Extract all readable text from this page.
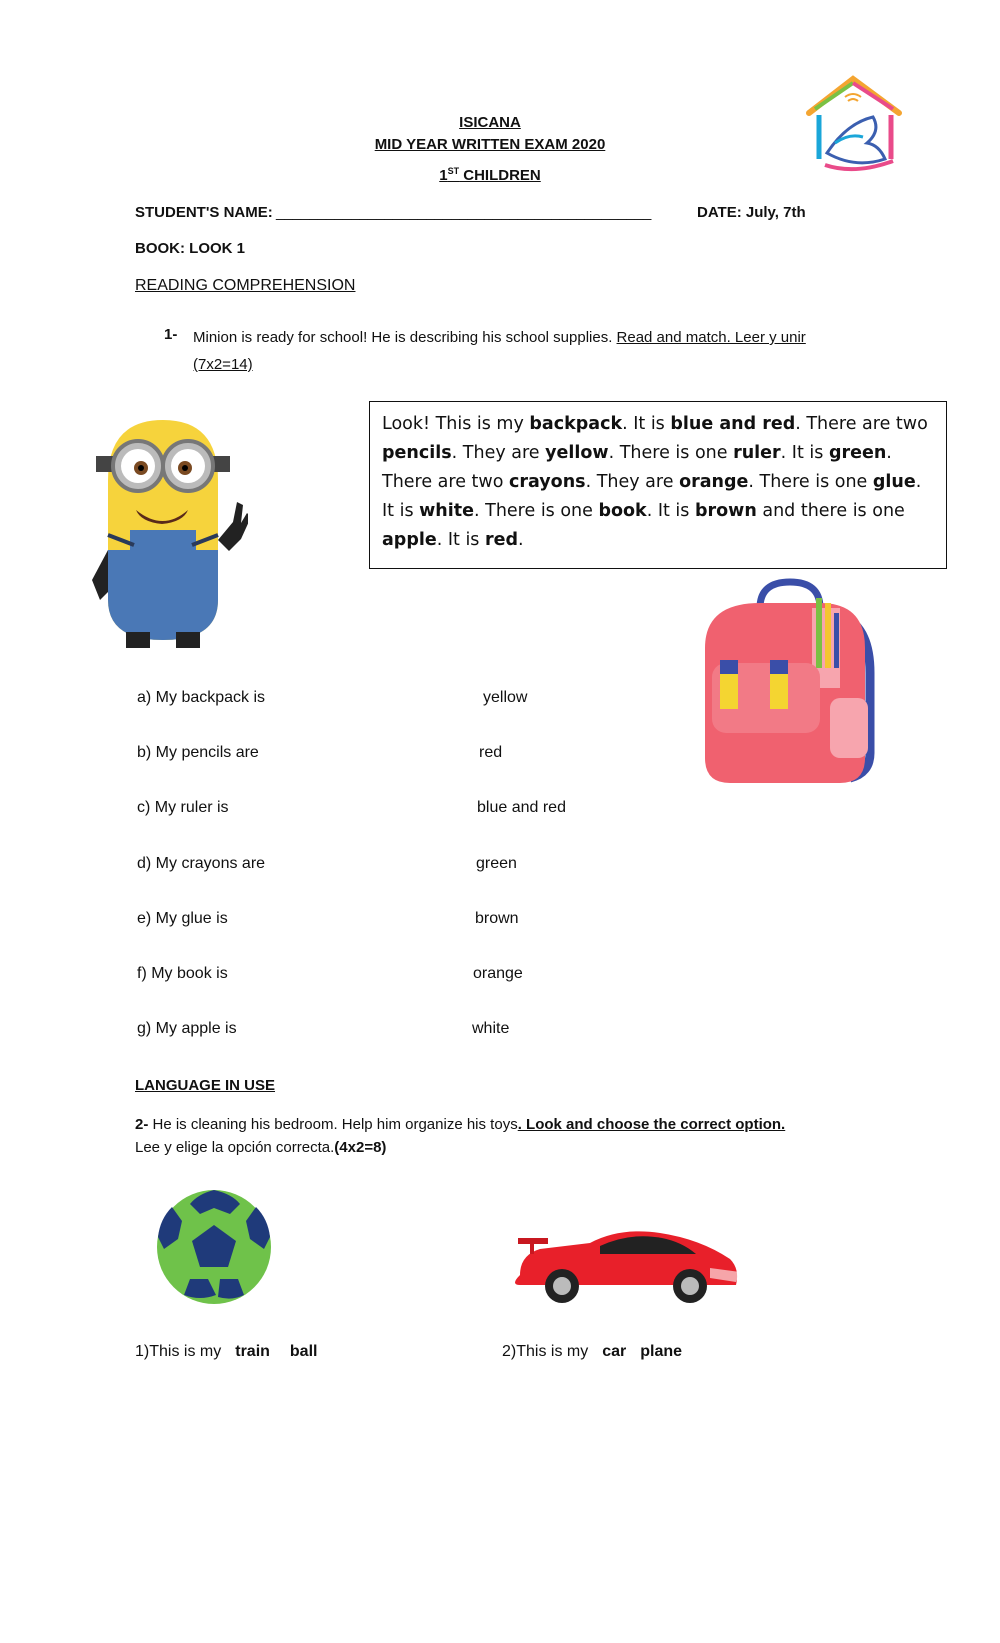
ISICANA
MID YEAR WRITTEN EXAM 2020
1ST CHILDREN
STUDENT'S NAME: _____________________________________________	DATE: July, 7th
BOOK: LOOK 1
READING COMPREHENSION
1- Minion is ready for school! He is describing his school supplies. Read and match. Leer y unir (7x2=14)
Look! This is my backpack. It is blue and red. There are two pencils. They are yellow. There is one ruler. It is green. There are two crayons. They are orange. There is one glue. It is white. There is one book. It is brown and there is one apple. It is red.
a) My backpack is
b) My pencils are
c) My ruler is
d) My crayons are
e) My glue is
f) My book is
g) My apple is
yellow
red
blue and red
green
brown
orange
white
LANGUAGE IN USE
2- He is cleaning his bedroom. Help him organize his toys. Look and choose the correct option.
Lee y elige la opción correcta.(4x2=8)
1)This is my train ball	2)This is my car plane
